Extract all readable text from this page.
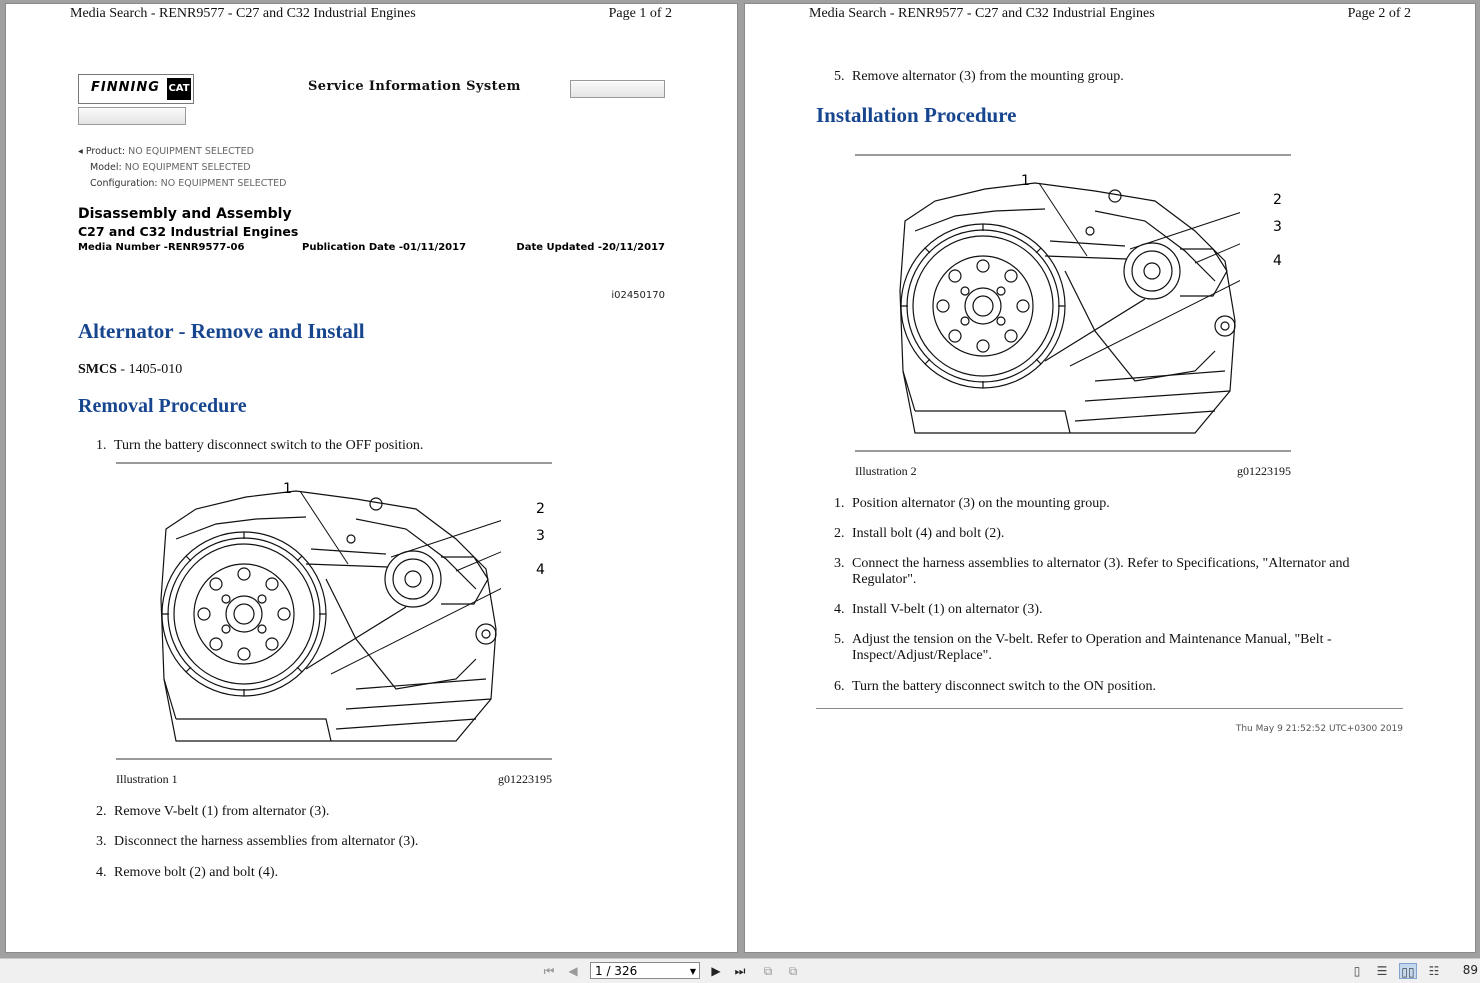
Media Search - RENR9577 - C27 and C32 Industrial Engines	Page 1 of 2
FINNING CAT	Service Information System
◂ Product: NO EQUIPMENT SELECTED
Model: NO EQUIPMENT SELECTED
Configuration: NO EQUIPMENT SELECTED
Disassembly and Assembly
C27 and C32 Industrial Engines
Media Number -RENR9577-06	Publication Date -01/11/2017	Date Updated -20/11/2017
i02450170
Alternator - Remove and Install
SMCS - 1405-010
Removal Procedure
1. Turn the battery disconnect switch to the OFF position.
1
2
3
4
Illustration 1	g01223195
2. Remove V-belt (1) from alternator (3).
3. Disconnect the harness assemblies from alternator (3).
4. Remove bolt (2) and bolt (4).
Media Search - RENR9577 - C27 and C32 Industrial Engines	Page 2 of 2
5. Remove alternator (3) from the mounting group.
Installation Procedure
1
2
3
4
Illustration 2	g01223195
1. Position alternator (3) on the mounting group.
2. Install bolt (4) and bolt (2).
3. Connect the harness assemblies to alternator (3). Refer to Specifications, "Alternator and
Regulator".
4. Install V-belt (1) on alternator (3).
5. Adjust the tension on the V-belt. Refer to Operation and Maintenance Manual, "Belt -
Inspect/Adjust/Replace".
6. Turn the battery disconnect switch to the ON position.
Thu May 9 21:52:52 UTC+0300 2019
⏮	◀	1 / 326	▼	▶	⏭	⧉	⧉	▯	☰	▯▯	☷	89
